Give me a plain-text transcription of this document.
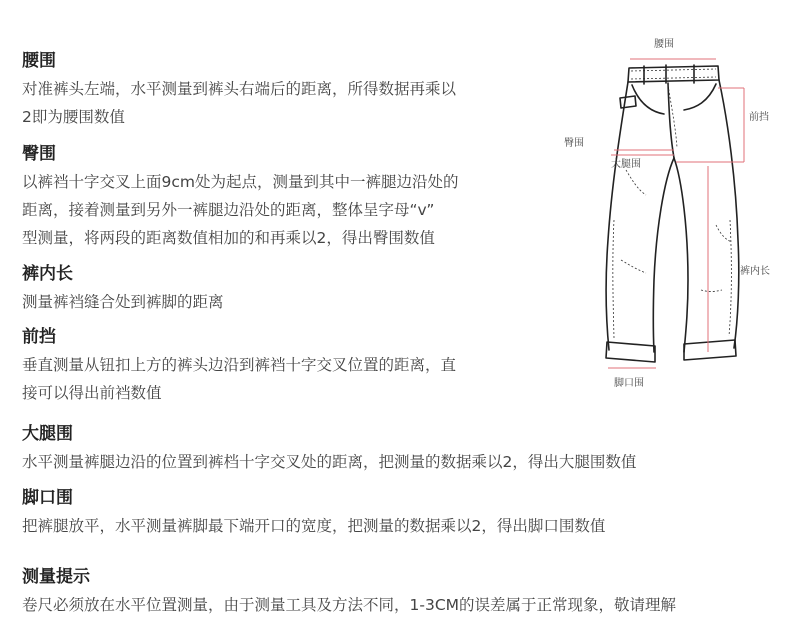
腰围

对准裤头左端，水平测量到裤头右端后的距离，所得数据再乘以

2即为腰围数值

臀围

以裤裆十字交叉上面9cm处为起点，测量到其中一裤腿边沿处的

距离，接着测量到另外一裤腿边沿处的距离，整体呈字母“v”

型测量，将两段的距离数值相加的和再乘以2，得出臀围数值

裤内长

测量裤裆缝合处到裤脚的距离

前挡

垂直测量从钮扣上方的裤头边沿到裤裆十字交叉位置的距离，直

接可以得出前裆数值

大腿围

水平测量裤腿边沿的位置到裤档十字交叉处的距离，把测量的数据乘以2，得出大腿围数值

脚口围

把裤腿放平，水平测量裤脚最下端开口的宽度，把测量的数据乘以2，得出脚口围数值

测量提示

卷尺必须放在水平位置测量，由于测量工具及方法不同，1-3CM的误差属于正常现象，敬请理解

腰围
前挡
臀围
大腿围
裤内长
脚口围
